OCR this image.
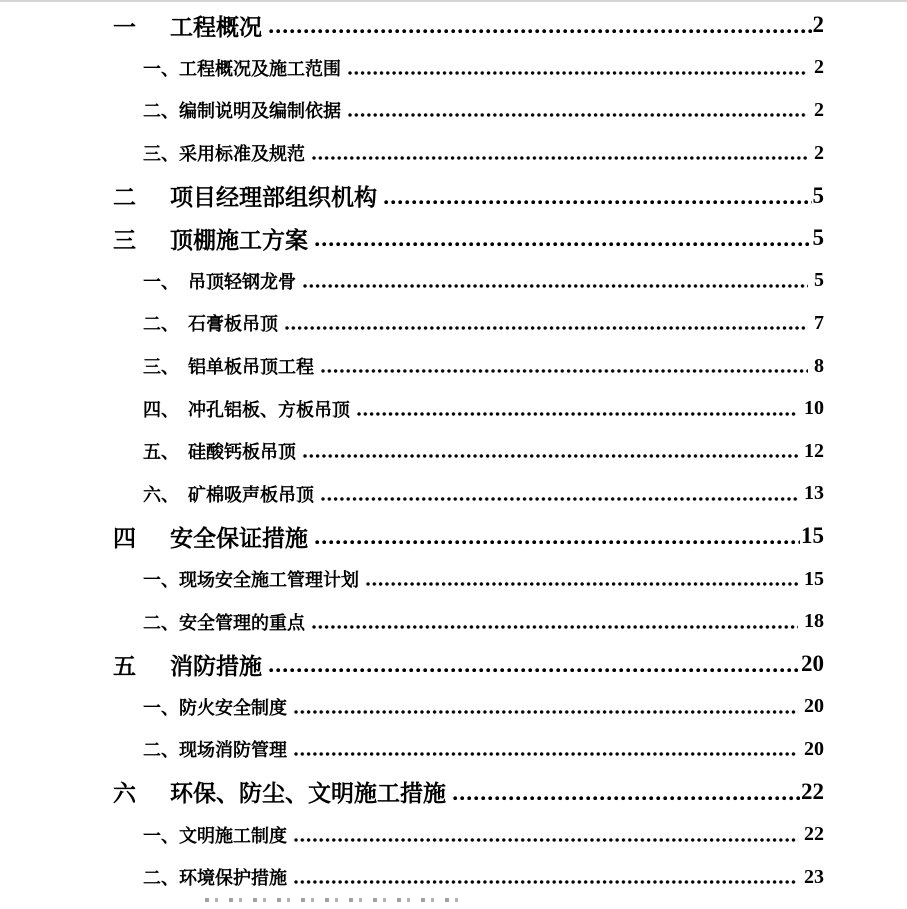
一	工程概况	2
一、工程概况及施工范围	2
二、编制说明及编制依据	2
三、采用标准及规范	2
二	项目经理部组织机构	5
三	顶棚施工方案	5
一、　吊顶轻钢龙骨	5
二、　石膏板吊顶	7
三、　铝单板吊顶工程	8
四、　冲孔铝板、方板吊顶	10
五、　硅酸钙板吊顶	12
六、　矿棉吸声板吊顶	13
四	安全保证措施	15
一、现场安全施工管理计划	15
二、安全管理的重点	18
五	消防措施	20
一、防火安全制度	20
二、现场消防管理	20
六	环保、防尘、文明施工措施	22
一、文明施工制度	22
二、环境保护措施	23
